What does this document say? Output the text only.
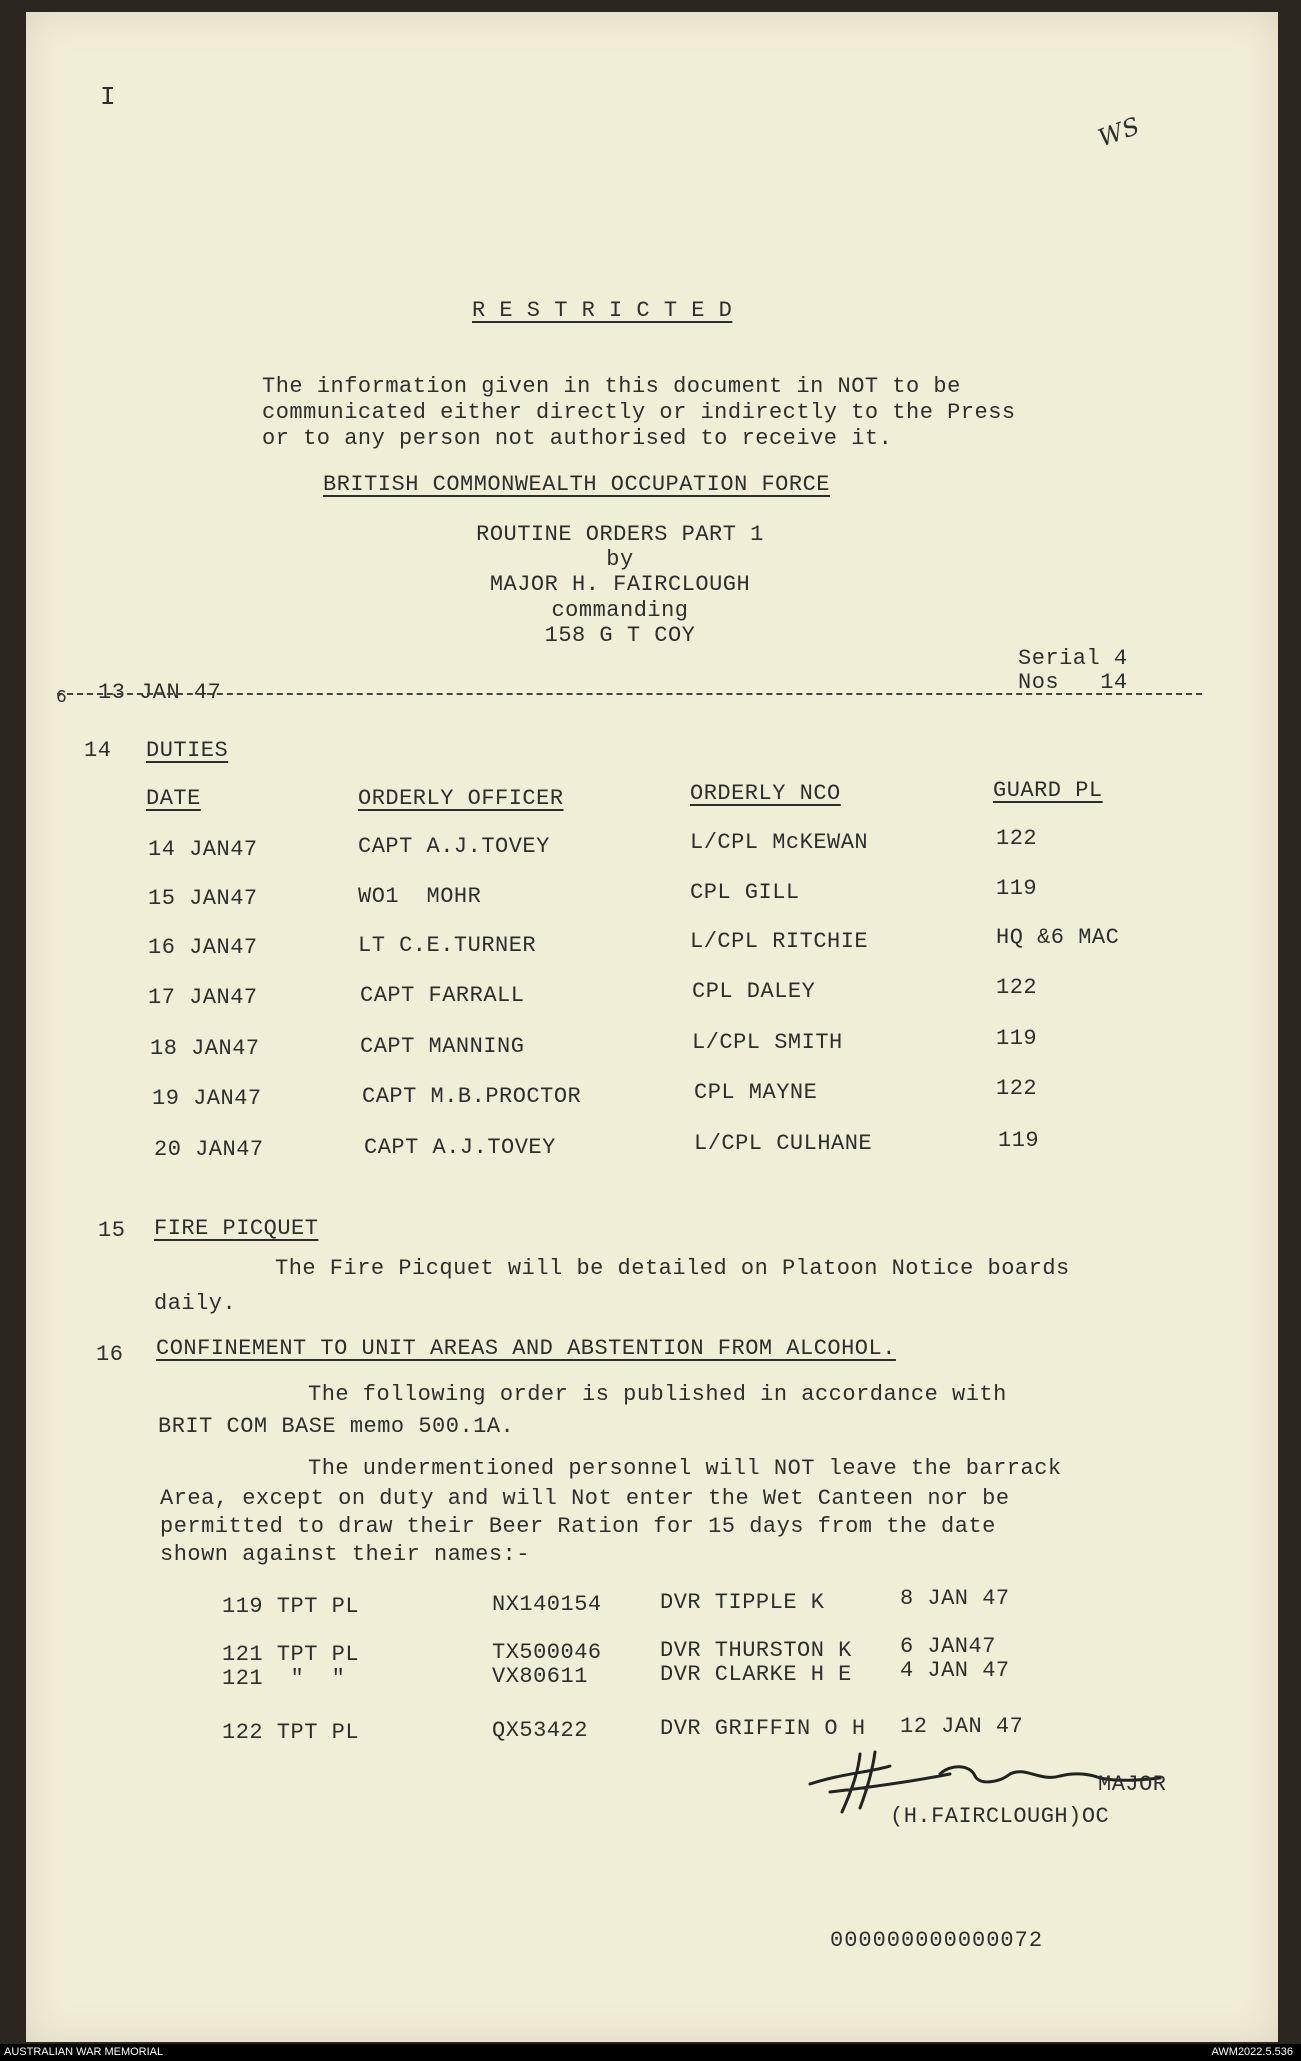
I
WS
R E S T R I C T E D
The information given in this document in NOT to be
communicated either directly or indirectly to the Press
or to any person not authorised to receive it.
BRITISH COMMONWEALTH OCCUPATION FORCE
ROUTINE ORDERS PART 1
by
MAJOR H. FAIRCLOUGH
commanding
158 G T COY
Serial 4
Nos   14
6 13 JAN 47
14 DUTIES
DATE	ORDERLY OFFICER	ORDERLY NCO	GUARD PL
14 JAN47	CAPT A.J.TOVEY	L/CPL McKEWAN	122
15 JAN47	WO1  MOHR	CPL GILL	119
16 JAN47	LT C.E.TURNER	L/CPL RITCHIE	HQ &6 MAC
17 JAN47	CAPT FARRALL	CPL DALEY	122
18 JAN47	CAPT MANNING	L/CPL SMITH	119
19 JAN47	CAPT M.B.PROCTOR	CPL MAYNE	122
20 JAN47	CAPT A.J.TOVEY	L/CPL CULHANE	119
15 FIRE PICQUET
The Fire Picquet will be detailed on Platoon Notice boards
daily.
16 CONFINEMENT TO UNIT AREAS AND ABSTENTION FROM ALCOHOL.
The following order is published in accordance with
BRIT COM BASE memo 500.1A.
The undermentioned personnel will NOT leave the barrack
Area, except on duty and will Not enter the Wet Canteen nor be
permitted to draw their Beer Ration for 15 days from the date
shown against their names:-
119 TPT PL	NX140154	DVR TIPPLE K	8 JAN 47
121 TPT PL	TX500046	DVR THURSTON K 6 JAN47
121  "  "	VX80611	DVR CLARKE H E 4 JAN 47
122 TPT PL	QX53422	DVR GRIFFIN O H 12 JAN 47
MAJOR
(H.FAIRCLOUGH)OC
000000000000072
AUSTRALIAN WAR MEMORIAL	AWM2022.5.536
